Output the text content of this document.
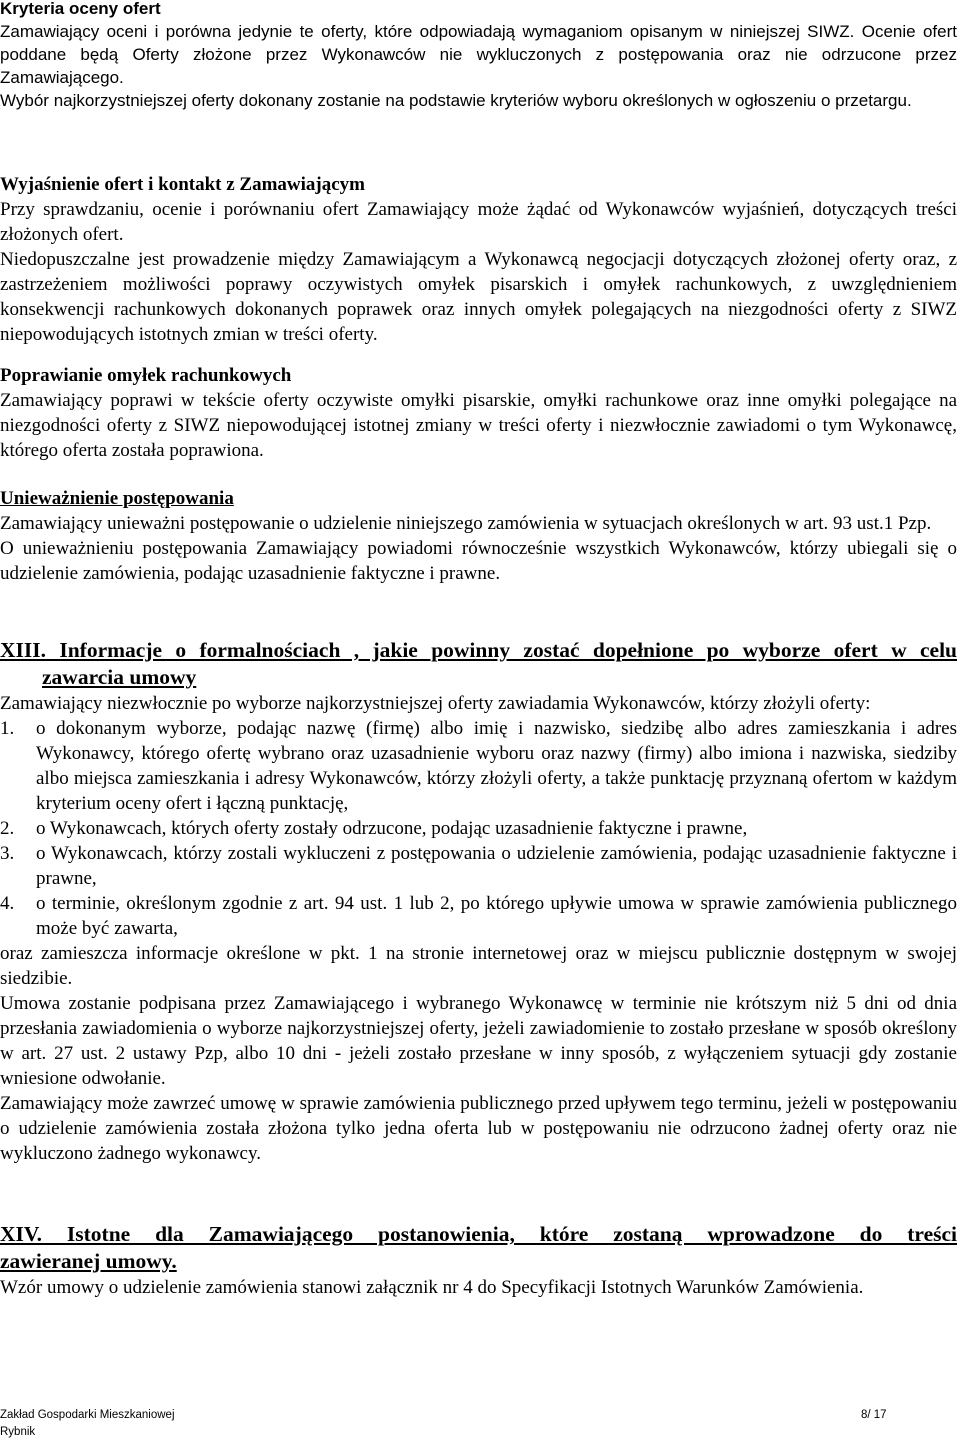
Kryteria oceny ofert

Zamawiający oceni i porówna jedynie te oferty, które odpowiadają wymaganiom opisanym w niniejszej SIWZ. Ocenie ofert poddane będą Oferty złożone przez Wykonawców nie wykluczonych z postępowania oraz nie odrzucone przez Zamawiającego.

Wybór najkorzystniejszej oferty dokonany zostanie na podstawie kryteriów wyboru określonych w ogłoszeniu o przetargu.

Wyjaśnienie ofert i kontakt z Zamawiającym

Przy sprawdzaniu, ocenie i porównaniu ofert Zamawiający może żądać od Wykonawców wyjaśnień, dotyczących treści złożonych ofert.

Niedopuszczalne jest prowadzenie między Zamawiającym a Wykonawcą negocjacji dotyczących złożonej oferty oraz, z zastrzeżeniem możliwości poprawy oczywistych omyłek pisarskich i omyłek rachunkowych, z uwzględnieniem konsekwencji rachunkowych dokonanych poprawek oraz innych omyłek polegających na niezgodności oferty z SIWZ niepowodujących istotnych zmian w treści oferty.

Poprawianie omyłek rachunkowych

Zamawiający poprawi w tekście oferty oczywiste omyłki pisarskie, omyłki rachunkowe oraz inne omyłki polegające na niezgodności oferty z SIWZ niepowodującej istotnej zmiany w treści oferty i niezwłocznie zawiadomi o tym Wykonawcę, którego oferta została poprawiona.

Unieważnienie postępowania

Zamawiający unieważni postępowanie o udzielenie niniejszego zamówienia w sytuacjach określonych w art. 93 ust.1 Pzp.

O unieważnieniu postępowania Zamawiający powiadomi równocześnie wszystkich Wykonawców, którzy ubiegali się o udzielenie zamówienia, podając uzasadnienie faktyczne i prawne.

XIII. Informacje o formalnościach , jakie powinny zostać dopełnione po wyborze ofert w celu
zawarcia umowy

Zamawiający niezwłocznie po wyborze najkorzystniejszej oferty zawiadamia Wykonawców, którzy złożyli oferty:

1. o dokonanym wyborze, podając nazwę (firmę) albo imię i nazwisko, siedzibę albo adres zamieszkania i adres Wykonawcy, którego ofertę wybrano oraz uzasadnienie wyboru oraz nazwy (firmy) albo imiona i nazwiska, siedziby albo miejsca zamieszkania i adresy Wykonawców, którzy złożyli oferty, a także punktację przyznaną ofertom w każdym kryterium oceny ofert i łączną punktację,
2. o Wykonawcach, których oferty zostały odrzucone, podając uzasadnienie faktyczne i prawne,
3. o Wykonawcach, którzy zostali wykluczeni z postępowania o udzielenie zamówienia, podając uzasadnienie faktyczne i prawne,
4. o terminie, określonym zgodnie z art. 94 ust. 1 lub 2, po którego upływie umowa w sprawie zamówienia publicznego może być zawarta,

oraz zamieszcza informacje określone w pkt. 1 na stronie internetowej oraz w miejscu publicznie dostępnym w swojej siedzibie.

Umowa zostanie podpisana przez Zamawiającego i wybranego Wykonawcę w terminie nie krótszym niż 5 dni od dnia przesłania zawiadomienia o wyborze najkorzystniejszej oferty, jeżeli zawiadomienie to zostało przesłane w sposób określony w art. 27 ust. 2 ustawy Pzp, albo 10 dni - jeżeli zostało przesłane w inny sposób, z wyłączeniem sytuacji gdy zostanie wniesione odwołanie.

Zamawiający może zawrzeć umowę w sprawie zamówienia publicznego przed upływem tego terminu, jeżeli w postępowaniu o udzielenie zamówienia została złożona tylko jedna oferta lub w postępowaniu nie odrzucono żadnej oferty oraz nie wykluczono żadnego wykonawcy.

XIV. Istotne dla Zamawiającego postanowienia, które zostaną wprowadzone do treści
zawieranej umowy.

Wzór umowy o udzielenie zamówienia stanowi załącznik nr 4 do Specyfikacji Istotnych Warunków Zamówienia.

Zakład Gospodarki Mieszkaniowej
Rybnik
8/ 17
